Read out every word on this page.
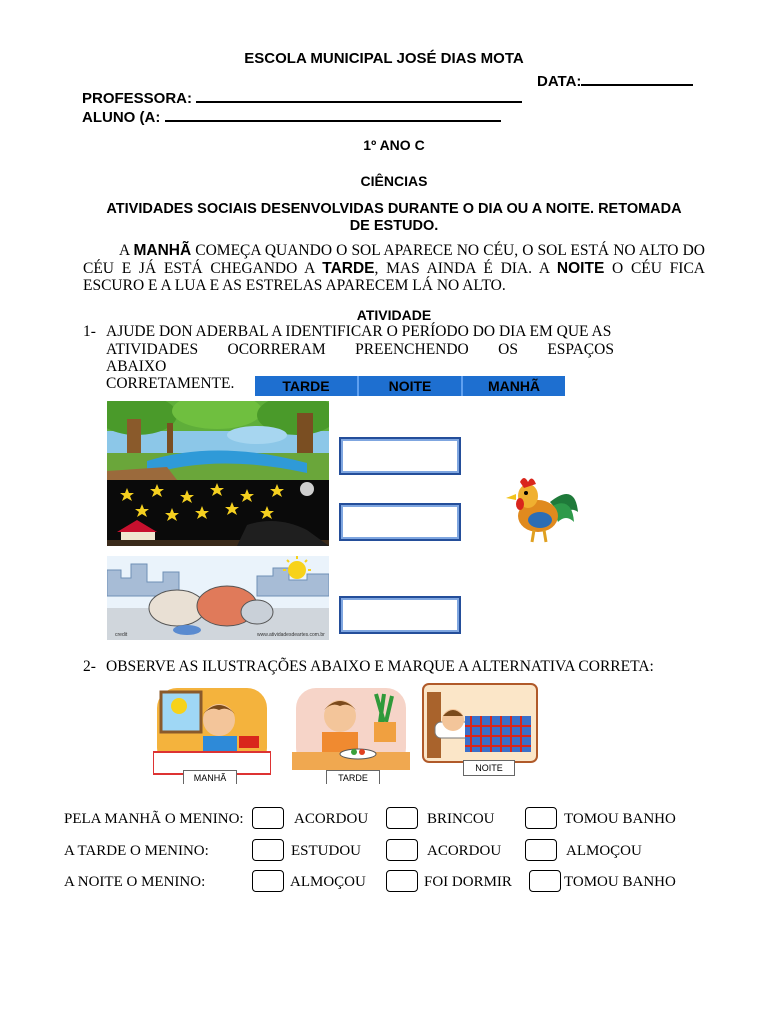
ESCOLA MUNICIPAL JOSÉ DIAS MOTA
DATA:
PROFESSORA:
ALUNO (A:
1º ANO C
CIÊNCIAS
ATIVIDADES SOCIAIS DESENVOLVIDAS DURANTE O DIA OU A NOITE. RETOMADA
DE ESTUDO.
A MANHÃ COMEÇA QUANDO O SOL APARECE NO CÉU, O SOL ESTÁ NO ALTO DO CÉU E JÁ ESTÁ CHEGANDO A TARDE, MAS AINDA É DIA. A NOITE O CÉU FICA ESCURO E A LUA E AS ESTRELAS APARECEM LÁ NO ALTO.
ATIVIDADE
1- AJUDE DON ADERBAL A IDENTIFICAR O PERÍODO DO DIA EM QUE AS
ATIVIDADES OCORRERAM PREENCHENDO OS ESPAÇOS
ABAIXO
CORRETAMENTE.	TARDE	NOITE	MANHÃ
credit	www.atividadesdeartes.com.br
2- OBSERVE AS ILUSTRAÇÕES ABAIXO E MARQUE A ALTERNATIVA CORRETA:
MANHÃ	TARDE
NOITE
PELA MANHÃ O MENINO:	ACORDOU	BRINCOU	TOMOU BANHO
A TARDE O MENINO:	ESTUDOU	ACORDOU	ALMOÇOU
A NOITE O MENINO:	ALMOÇOU	FOI DORMIR	TOMOU BANHO
